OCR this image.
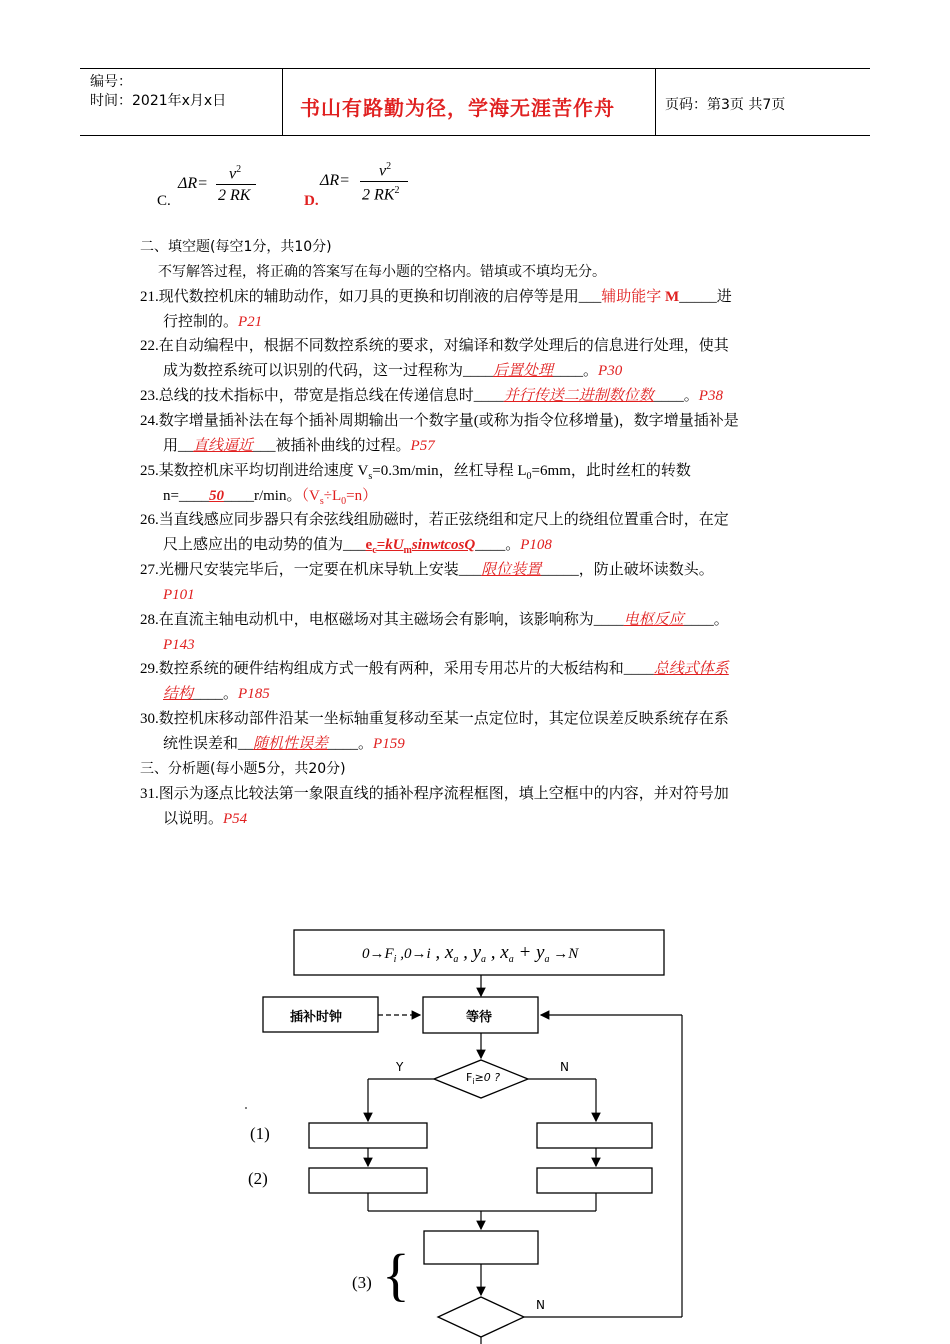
编号：
时间：2021年x月x日	书山有路勤为径，学海无涯苦作舟	页码：第3页 共7页
C.
ΔR=
$v^2$
2 RK	D.
ΔR=
$v^2$
2 $RK^2$
二、填空题(每空1分，共10分)
不写解答过程，将正确的答案写在每小题的空格内。错填或不填均无分。
21.现代数控机床的辅助动作，如刀具的更换和切削液的启停等是用___辅助能字 M_____进
行控制的。P21
22.在自动编程中，根据不同数控系统的要求，对编译和数学处理后的信息进行处理，使其
成为数控系统可以识别的代码，这一过程称为____后置处理____。P30
23.总线的技术指标中，带宽是指总线在传递信息时____并行传送二进制数位数____。P38
24.数字增量插补法在每个插补周期输出一个数字量(或称为指令位移增量)，数字增量插补是
用__直线逼近___被插补曲线的过程。P57
25.某数控机床平均切削进给速度 $V_s=0.3m/\min$，丝杠导程 $L_0=6mm$，此时丝杠的转数
n=____50____r/min。$(V_s\div L_0=n)$
26.当直线感应同步器只有余弦线组励磁时，若正弦绕组和定尺上的绕组位置重合时，在定
尺上感应出的电动势的值为$\_\_\_e_c=kU_msinwtcosQ\_\_\_\_$。P108
27.光栅尺安装完毕后，一定要在机床导轨上安装___限位装置_____，防止破坏读数头。
P101
28.在直流主轴电动机中，电枢磁场对其主磁场会有影响，该影响称为____电枢反应____。
P143
29.数控系统的硬件结构组成方式一般有两种，采用专用芯片的大板结构和____总线式体系
结构____。P185
30.数控机床移动部件沿某一坐标轴重复移动至某一点定位时，其定位误差反映系统存在系
统性误差和__随机性误差____。P159
三、分析题(每小题5分，共20分)
31.图示为逐点比较法第一象限直线的插补程序流程框图，填上空框中的内容，并对符号加
以说明。P54
$0\to F_i$ ,0→i , $x_a$ , $y_a$ , $x_a + y_a \to N$
插补时钟	等待
$F_i\ge 0$ ?
Y	N
N
(1)
(2)
(3) {
